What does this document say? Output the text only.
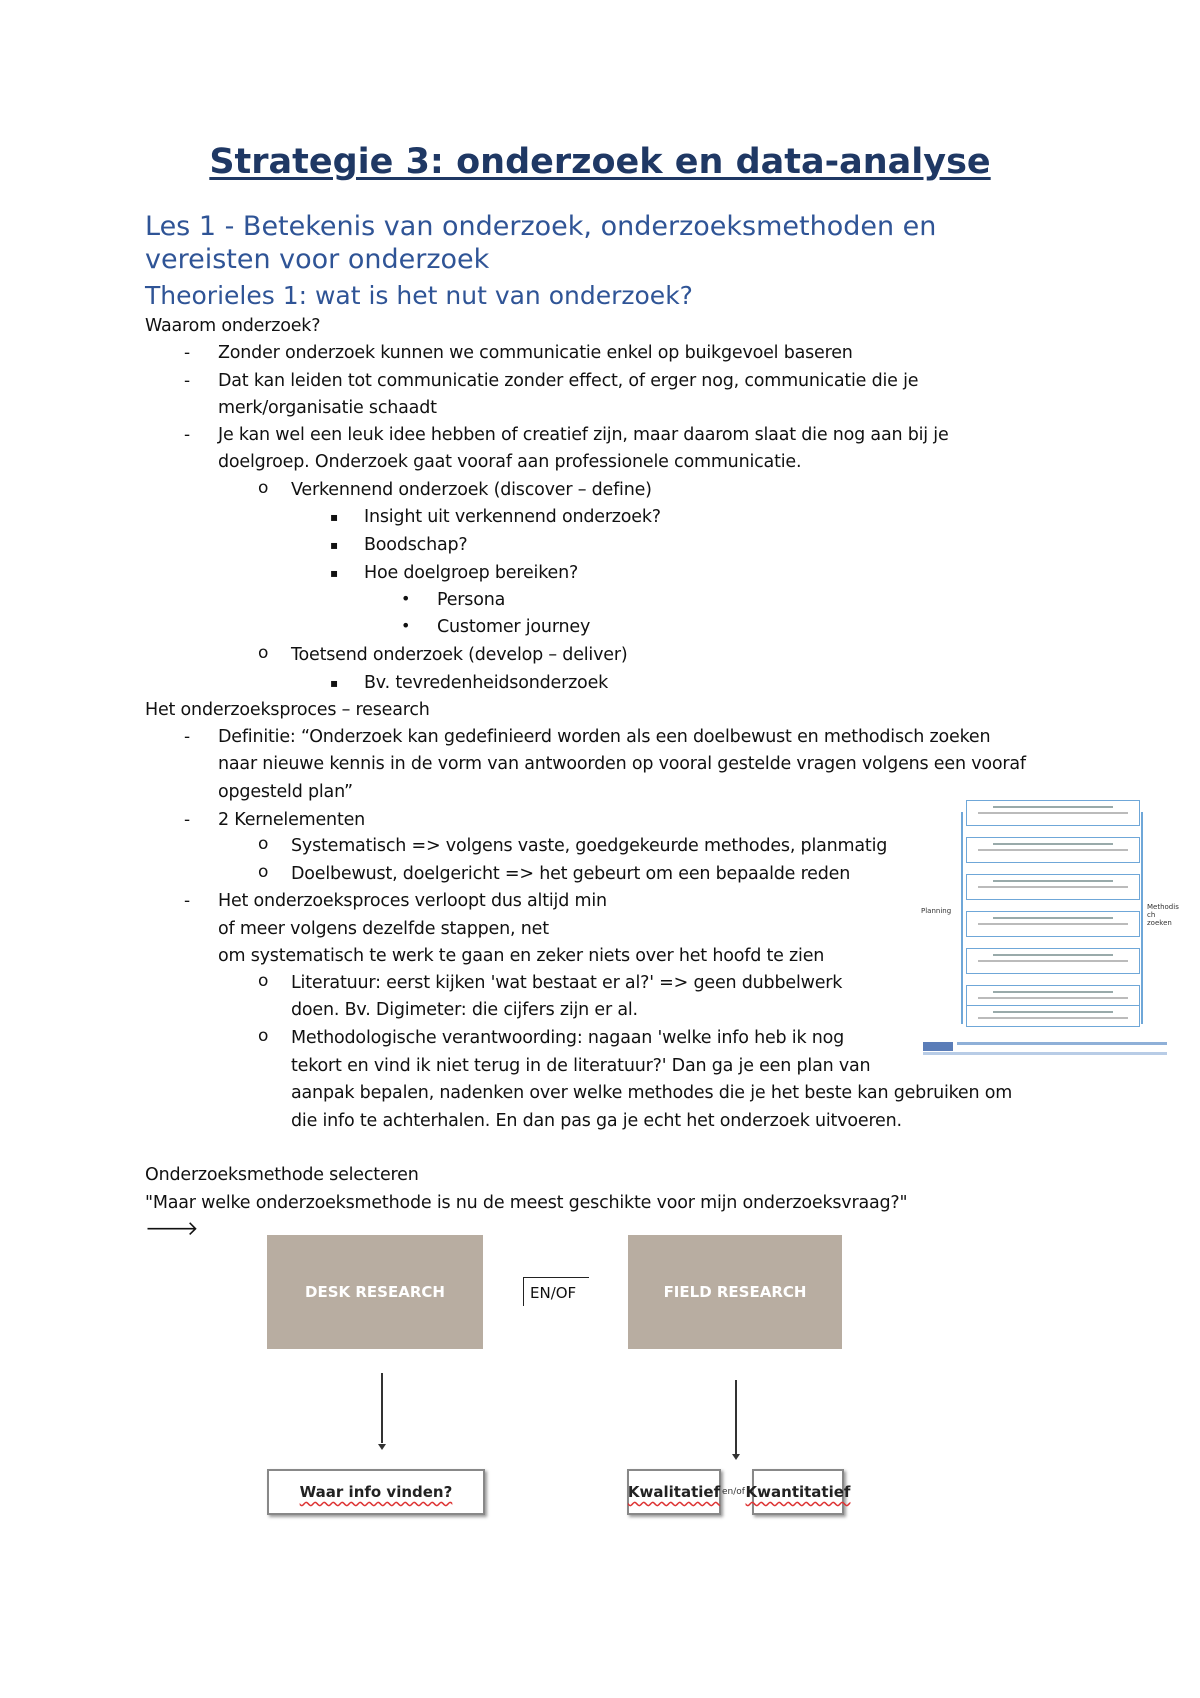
Strategie 3: onderzoek en data-analyse
Les 1 - Betekenis van onderzoek, onderzoeksmethoden en
vereisten voor onderzoek
Theorieles 1: wat is het nut van onderzoek?
Waarom onderzoek?
- Zonder onderzoek kunnen we communicatie enkel op buikgevoel baseren
- Dat kan leiden tot communicatie zonder effect, of erger nog, communicatie die je
merk/organisatie schaadt
- Je kan wel een leuk idee hebben of creatief zijn, maar daarom slaat die nog aan bij je
doelgroep. Onderzoek gaat vooraf aan professionele communicatie.
o Verkennend onderzoek (discover – define)
▪ Insight uit verkennend onderzoek?
▪ Boodschap?
▪ Hoe doelgroep bereiken?
• Persona
• Customer journey
o Toetsend onderzoek (develop – deliver)
▪ Bv. tevredenheidsonderzoek
Het onderzoeksproces – research
- Definitie: “Onderzoek kan gedefinieerd worden als een doelbewust en methodisch zoeken
naar nieuwe kennis in de vorm van antwoorden op vooral gestelde vragen volgens een vooraf
opgesteld plan”
- 2 Kernelementen
o Systematisch => volgens vaste, goedgekeurde methodes, planmatig
o Doelbewust, doelgericht => het gebeurt om een bepaalde reden
- Het onderzoeksproces verloopt dus altijd min
of meer volgens dezelfde stappen, net
om systematisch te werk te gaan en zeker niets over het hoofd te zien
o Literatuur: eerst kijken 'wat bestaat er al?' => geen dubbelwerk
doen. Bv. Digimeter: die cijfers zijn er al.
o Methodologische verantwoording: nagaan 'welke info heb ik nog
tekort en vind ik niet terug in de literatuur?' Dan ga je een plan van
aanpak bepalen, nadenken over welke methodes die je het beste kan gebruiken om
die info te achterhalen. En dan pas ga je echt het onderzoek uitvoeren.
Onderzoeksmethode selecteren
"Maar welke onderzoeksmethode is nu de meest geschikte voor mijn onderzoeksvraag?"
🡒
Planning	Methodis ch zoeken
DESK RESEARCH	EN/OF	FIELD RESEARCH
Waar info vinden?	Kwalitatief en/of Kwantitatief
